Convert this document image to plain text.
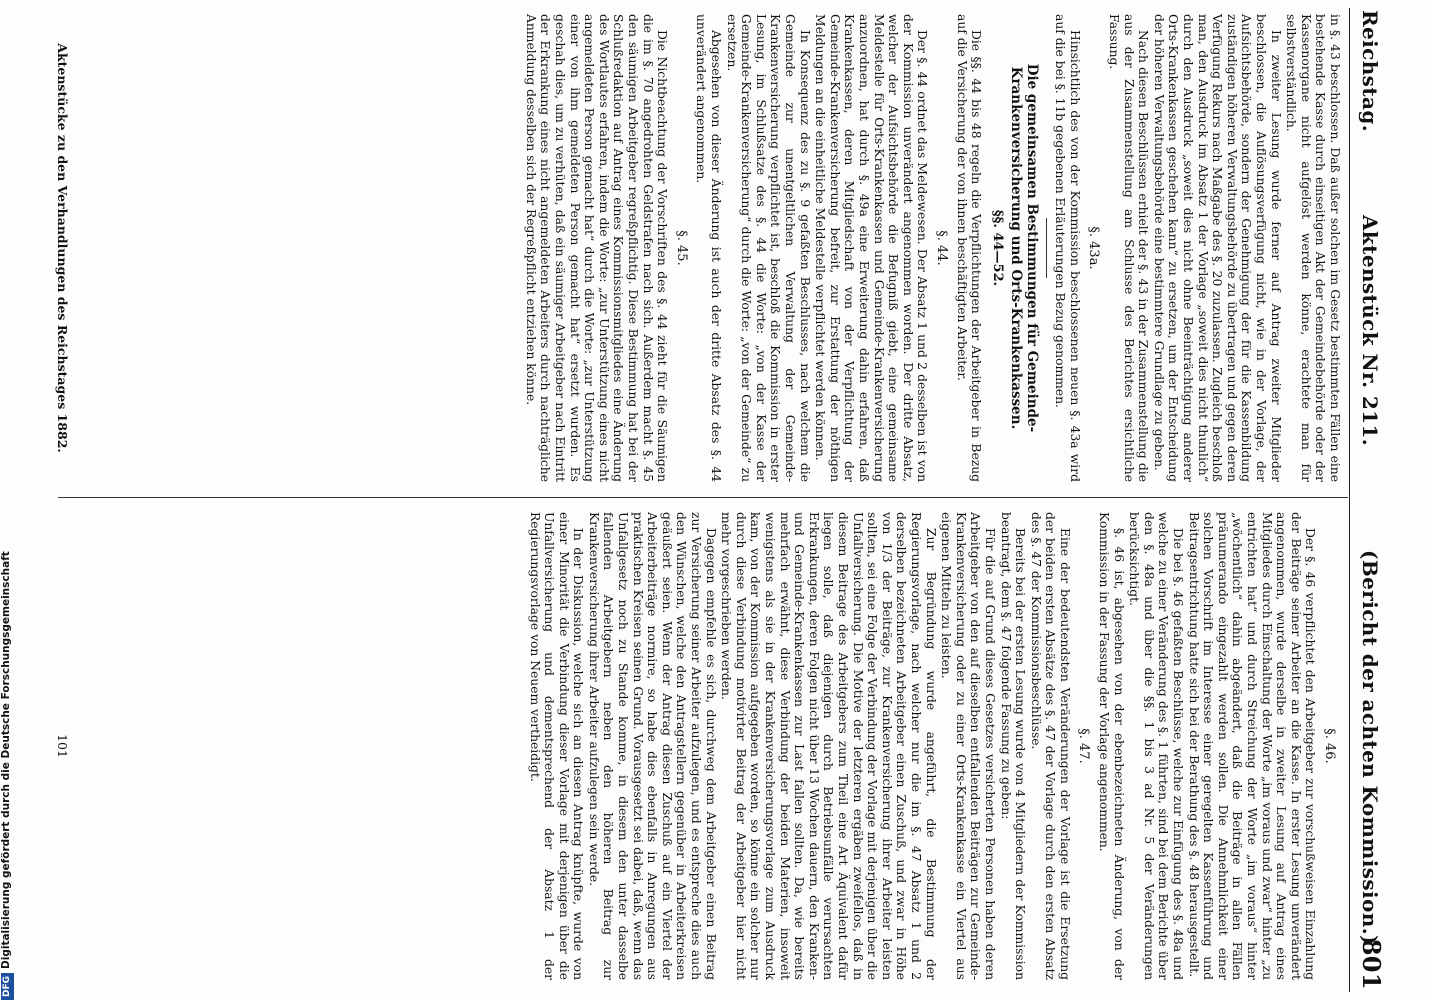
Reichstag.
Aktenstück Nr. 211.
(Bericht der achten Kommission.)
801

in §. 43 beschlossen. Daß außer solchen im Gesetz bestimmten Fällen eine bestehende Kasse durch einseitigen Akt der Gemeindebehörde oder der Kassenorgane nicht aufgelöst werden könne, erachtete man für selbstverständlich.

In zweiter Lesung wurde ferner auf Antrag zweiter Mitglieder beschlossen, die Auflösungsverfügung nicht, wie in der Vorlage, der Aufsichtsbehörde, sondern der Genehmigung der für die Kassenbildung zuständigen höheren Verwaltungsbehörde zu übertragen und gegen deren Verfügung Rekurs nach Maßgabe des §. 20 zuzulassen. Zugleich beschloß man, den Ausdruck im Absatz 1 der Vorlage „soweit dies nicht thunlich“ durch den Ausdruck „soweit dies nicht ohne Beeinträchtigung anderer Orts-Krankenkassen geschehen kann“ zu ersetzen, um der Entscheidung der höheren Verwaltungsbehörde eine bestimmtere Grundlage zu geben.

Nach diesen Beschlüssen erhielt der §. 43 in der Zusammenstellung die aus der Zusammenstellung am Schlusse des Berichtes ersichtliche Fassung.

§. 43a.

Hinsichtlich des von der Kommission beschlossenen neuen §. 43a wird auf die bei §. 11b gegebenen Erläuterungen Bezug genommen.

Die gemeinsamen Bestimmungen für Gemeinde-Krankenversicherung und Orts-Krankenkassen.
§§. 44—52.

Die §§. 44 bis 48 regeln die Verpflichtungen der Arbeitgeber in Bezug auf die Versicherung der von ihnen beschäftigten Arbeiter.

§. 44.

Der §. 44 ordnet das Meldewesen. Der Absatz 1 und 2 desselben ist von der Kommission unverändert angenommen worden. Der dritte Absatz, welcher der Aufsichtsbehörde die Befugniß giebt, eine gemeinsame Meldestelle für Orts-Krankenkassen und Gemeinde-Krankenversicherung anzuordnen, hat durch §. 49a eine Erweiterung dahin erfahren, daß Krankenkassen, deren Mitgliedschaft von der Verpflichtung der Gemeinde-Krankenversicherung befreit, zur Erstattung der nöthigen Meldungen an die einheitliche Meldestelle verpflichtet werden können.

In Konsequenz des zu §. 9 gefaßten Beschlusses, nach welchem die Gemeinde zur unentgeltlichen Verwaltung der Gemeinde-Krankenversicherung verpflichtet ist, beschloß die Kommission in erster Lesung, im Schlußsatze des §. 44 die Worte: „von der Kasse der Gemeinde-Krankenversicherung“ durch die Worte: „von der Gemeinde“ zu ersetzen.

Abgesehen von dieser Änderung ist auch der dritte Absatz des §. 44 unverändert angenommen.

§. 45.

Die Nichtbeachtung der Vorschriften des §. 44 zieht für die Säumigen die im §. 70 angedrohten Geldstrafen nach sich. Außerdem macht §. 45 den säumigen Arbeitgeber regreßpflichtig. Diese Bestimmung hat bei der Schlußredaktion auf Antrag eines Kommissionsmitgliedes eine Änderung des Wortlautes erfahren, indem die Worte: „zur Unterstützung eines nicht angemeldeten Person gemacht hat“ durch die Worte: „zur Unterstützung einer von ihm gemeldeten Person gemacht hat“ ersetzt wurden. Es geschah dies, um zu verhüten, daß ein säumiger Arbeitgeber nach Eintritt der Erkrankung eines nicht angemeldeten Arbeiters durch nachträgliche Anmeldung desselben sich der Regreßpflicht entziehen könne.

Aktenstücke zu den Verhandlungen des Reichstages 1882.
§. 46.

Der §. 46 verpflichtet den Arbeitgeber zur vorschußweisen Einzahlung der Beiträge seiner Arbeiter an die Kasse. In erster Lesung unverändert angenommen, wurde derselbe in zweiter Lesung auf Antrag eines Mitgliedes durch Einschaltung der Worte „im voraus und zwar“ hinter „zu entrichten hat“ und durch Streichung der Worte „im voraus“ hinter „wöchentlich“ dahin abgeändert, daß die Beiträge in allen Fällen pränumerando eingezahlt werden sollen. Die Annehmlichkeit einer solchen Vorschrift im Interesse einer geregelten Kassenführung und Beitragsentrichtung hatte sich bei der Berathung des §. 48 herausgestellt.

Die bei §. 46 gefaßten Beschlüsse, welche zur Einfügung des §. 48a und welche zu einer Veränderung des §. 1 führten, sind bei dem Berichte über den §. 48a und über die §§. 1 bis 3 ad Nr. 5 der Veränderungen berücksichtigt.

§. 46 ist, abgesehen von der ebenbezeichneten Änderung, von der Kommission in der Fassung der Vorlage angenommen.

§. 47.

Eine der bedeutendsten Veränderungen der Vorlage ist die Ersetzung der beiden ersten Absätze des §. 47 der Vorlage durch den ersten Absatz des §. 47 der Kommissionsbeschlüsse.

Bereits bei der ersten Lesung wurde von 4 Mitgliedern der Kommission beantragt, dem §. 47 folgende Fassung zu geben:

Für die auf Grund dieses Gesetzes versicherten Personen haben deren Arbeitgeber von den auf dieselben entfallenden Beiträgen zur Gemeinde-Krankenversicherung oder zu einer Orts-Krankenkasse ein Viertel aus eigenen Mitteln zu leisten.

Zur Begründung wurde angeführt, die Bestimmung der Regierungsvorlage, nach welcher nur die im §. 47 Absatz 1 und 2 derselben bezeichneten Arbeitgeber einen Zuschuß, und zwar in Höhe von 1/3 der Beiträge, zur Krankenversicherung ihrer Arbeiter leisten sollten, sei eine Folge der Verbindung der Vorlage mit derjenigen über die Unfallversicherung. Die Motive der letzteren ergäben zweifellos, daß in diesem Beitrage des Arbeitgebers zum Theil eine Art Äquivalent dafür liegen solle, daß diejenigen durch Betriebsunfälle verursachten Erkrankungen, deren Folgen nicht über 13 Wochen dauern, den Kranken- und Gemeinde-Krankenkassen zur Last fallen sollten. Da, wie bereits mehrfach erwähnt, diese Verbindung der beiden Materien, insoweit wenigstens als sie in der Krankenversicherungsvorlage zum Ausdruck kam, von der Kommission aufgegeben worden, so könne ein solcher nur durch diese Verbindung motivirter Beitrag der Arbeitgeber hier nicht mehr vorgeschrieben werden.

Dagegen empfehle es sich, durchweg dem Arbeitgeber einen Beitrag zur Versicherung seiner Arbeiter aufzulegen, und es entspreche dies auch den Wünschen, welche den Antragstellern gegenüber in Arbeiterkreisen geäußert seien. Wenn der Antrag diesen Zuschuß auf ein Viertel der Arbeiterbeiträge normire, so habe dies ebenfalls in Anregungen aus praktischen Kreisen seinen Grund. Vorausgesetzt sei dabei, daß, wenn das Unfallgesetz noch zu Stande komme, in diesem den unter dasselbe fallenden Arbeitgebern neben den höheren Beitrag zur Krankenversicherung ihrer Arbeiter aufzulegen sein werde.

In der Diskussion, welche sich an diesen Antrag knüpfte, wurde von einer Minorität die Verbindung dieser Vorlage mit derjenigen über die Unfallversicherung und dementsprechend der Absatz 1 der Regierungsvorlage von Neuem vertheidigt.

101
DFGDigitalisierung gefördert durch die Deutsche Forschungsgemeinschaft
